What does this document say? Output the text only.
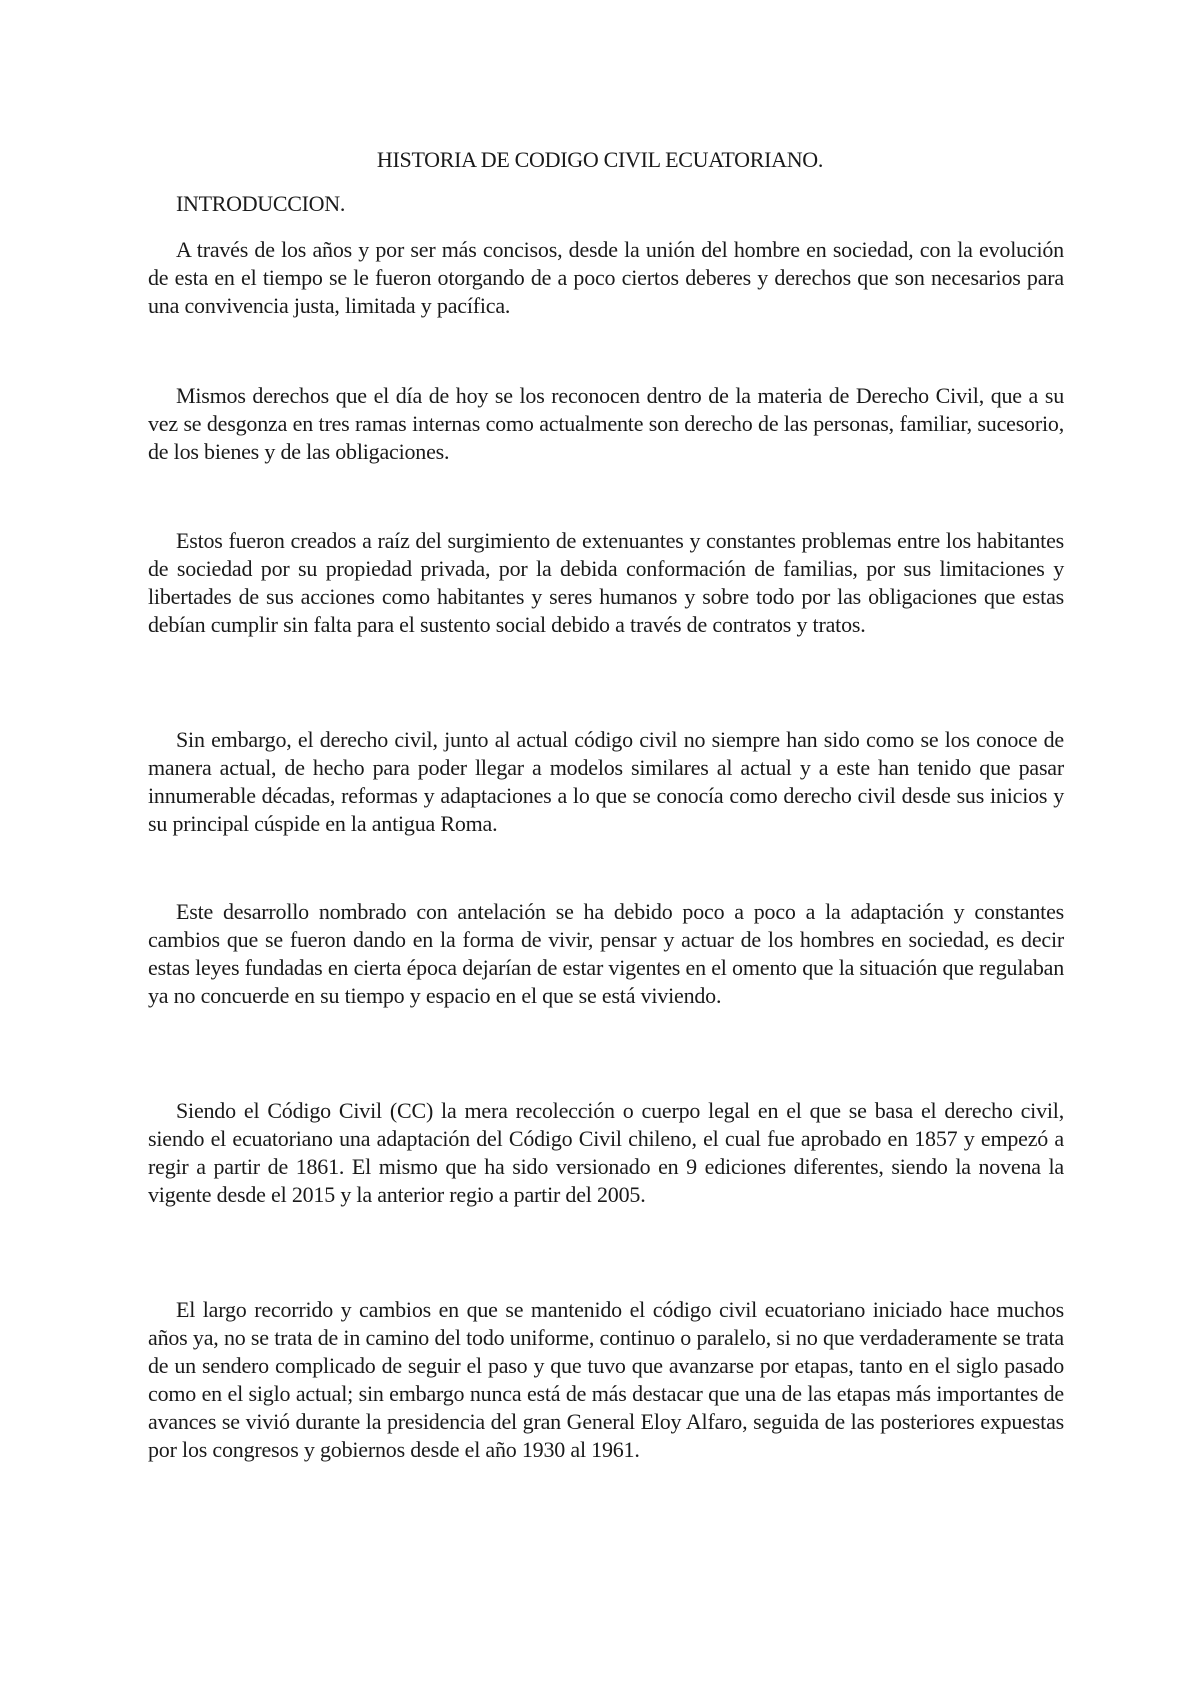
HISTORIA DE CODIGO CIVIL ECUATORIANO.
INTRODUCCION.

A través de los años y por ser más concisos, desde la unión del hombre en sociedad, con la evolución de esta en el tiempo se le fueron otorgando de a poco ciertos deberes y derechos que son necesarios para una convivencia justa, limitada y pacífica.

Mismos derechos que el día de hoy se los reconocen dentro de la materia de Derecho Civil, que a su vez se desgonza en tres ramas internas como actualmente son derecho de las personas, familiar, sucesorio, de los bienes y de las obligaciones.

Estos fueron creados a raíz del surgimiento de extenuantes y constantes problemas entre los habitantes de sociedad por su propiedad privada, por la debida conformación de familias, por sus limitaciones y libertades de sus acciones como habitantes y seres humanos y sobre todo por las obligaciones que estas debían cumplir sin falta para el sustento social debido a través de contratos y tratos.

Sin embargo, el derecho civil, junto al actual código civil no siempre han sido como se los conoce de manera actual, de hecho para poder llegar a modelos similares al actual y a este han tenido que pasar innumerable décadas, reformas y adaptaciones a lo que se conocía como derecho civil desde sus inicios y su principal cúspide en la antigua Roma.

Este desarrollo nombrado con antelación se ha debido poco a poco a la adaptación y constantes cambios que se fueron dando en la forma de vivir, pensar y actuar de los hombres en sociedad, es decir estas leyes fundadas en cierta época dejarían de estar vigentes en el omento que la situación que regulaban ya no concuerde en su tiempo y espacio en el que se está viviendo.

Siendo el Código Civil (CC) la mera recolección o cuerpo legal en el que se basa el derecho civil, siendo el ecuatoriano una adaptación del Código Civil chileno, el cual fue aprobado en 1857 y empezó a regir a partir de 1861. El mismo que ha sido versionado en 9 ediciones diferentes, siendo la novena la vigente desde el 2015 y la anterior regio a partir del 2005.

El largo recorrido y cambios en que se mantenido el código civil ecuatoriano iniciado hace muchos años ya, no se trata de in camino del todo uniforme, continuo o paralelo, si no que verdaderamente se trata de un sendero complicado de seguir el paso y que tuvo que avanzarse por etapas, tanto en el siglo pasado como en el siglo actual; sin embargo nunca está de más destacar que una de las etapas más importantes de avances se vivió durante la presidencia del gran General Eloy Alfaro, seguida de las posteriores expuestas por los congresos y gobiernos desde el año 1930 al 1961.
